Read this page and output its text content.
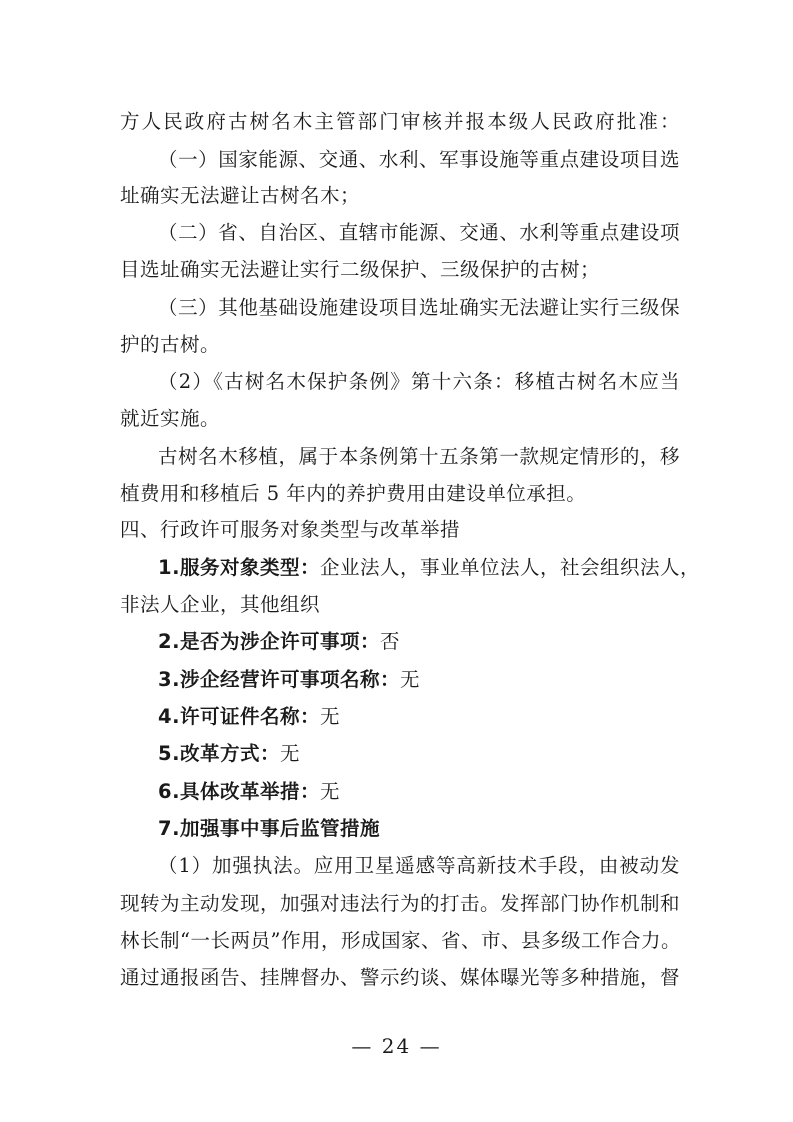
方人民政府古树名木主管部门审核并报本级人民政府批准：
（一）国家能源、交通、水利、军事设施等重点建设项目选
址确实无法避让古树名木；
（二）省、自治区、直辖市能源、交通、水利等重点建设项
目选址确实无法避让实行二级保护、三级保护的古树；
（三）其他基础设施建设项目选址确实无法避让实行三级保
护的古树。
（2）《古树名木保护条例》第十六条：移植古树名木应当
就近实施。
古树名木移植，属于本条例第十五条第一款规定情形的，移
植费用和移植后 5 年内的养护费用由建设单位承担。
四、行政许可服务对象类型与改革举措
1.服务对象类型：企业法人，事业单位法人，社会组织法人，
非法人企业，其他组织
2.是否为涉企许可事项：否
3.涉企经营许可事项名称：无
4.许可证件名称：无
5.改革方式：无
6.具体改革举措：无
7.加强事中事后监管措施
（1）加强执法。应用卫星遥感等高新技术手段，由被动发
现转为主动发现，加强对违法行为的打击。发挥部门协作机制和
林长制“一长两员”作用，形成国家、省、市、县多级工作合力。
通过通报函告、挂牌督办、警示约谈、媒体曝光等多种措施，督
— 24 —
